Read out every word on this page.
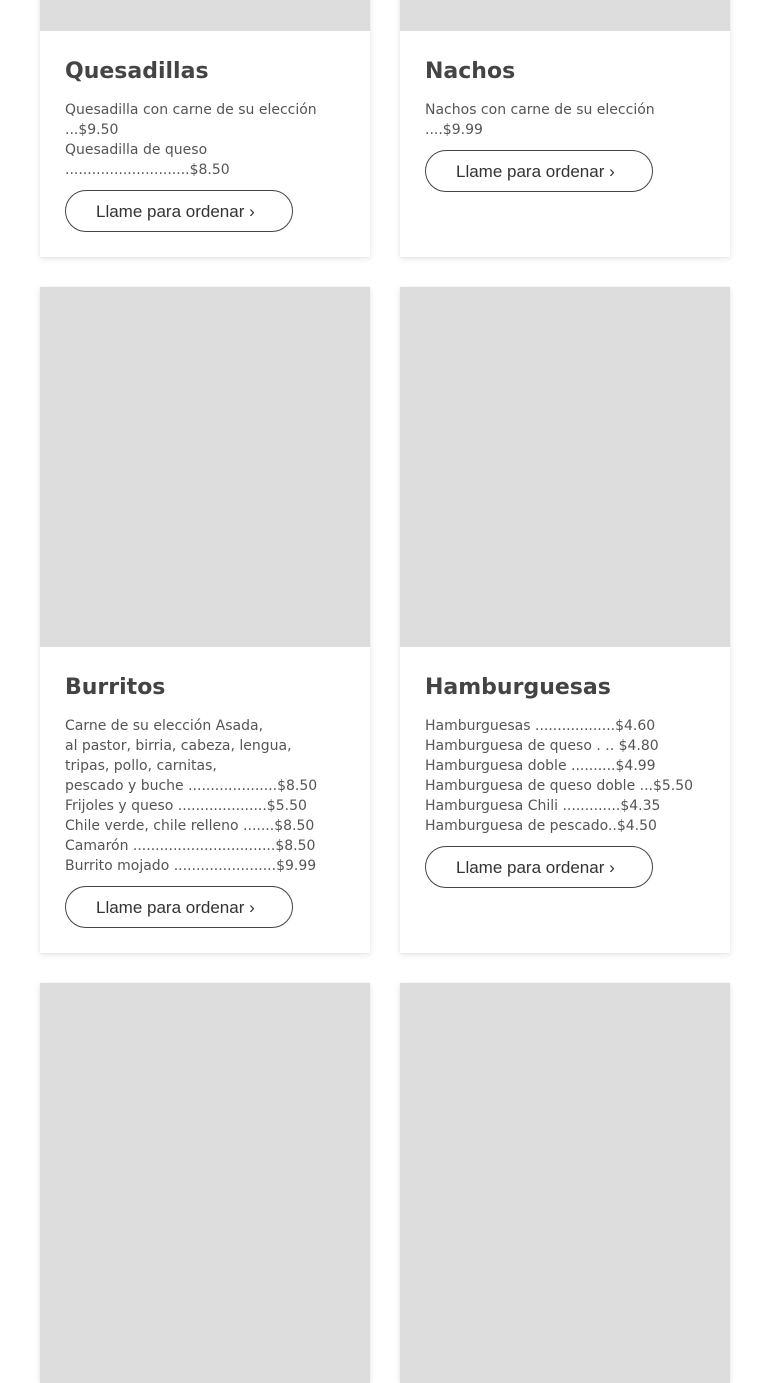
Quesadillas
Quesadilla con carne de su elección
...$9.50
Quesadilla de queso
............................$8.50
Llame para ordenar ›
Nachos
Nachos con carne de su elección ....$9.99
Llame para ordenar ›
Burritos
Carne de su elección Asada,
al pastor, birria, cabeza, lengua,
tripas, pollo, carnitas,
pescado y buche ....................$8.50
Frijoles y queso ....................$5.50
Chile verde, chile relleno .......$8.50
Camarón ................................$8.50
Burrito mojado .......................$9.99
Llame para ordenar ›
Hamburguesas
Hamburguesas ..................$4.60
Hamburguesa de queso . .. $4.80
Hamburguesa doble ..........$4.99
Hamburguesa de queso doble ...$5.50
Hamburguesa Chili .............$4.35
Hamburguesa de pescado..$4.50
Llame para ordenar ›
